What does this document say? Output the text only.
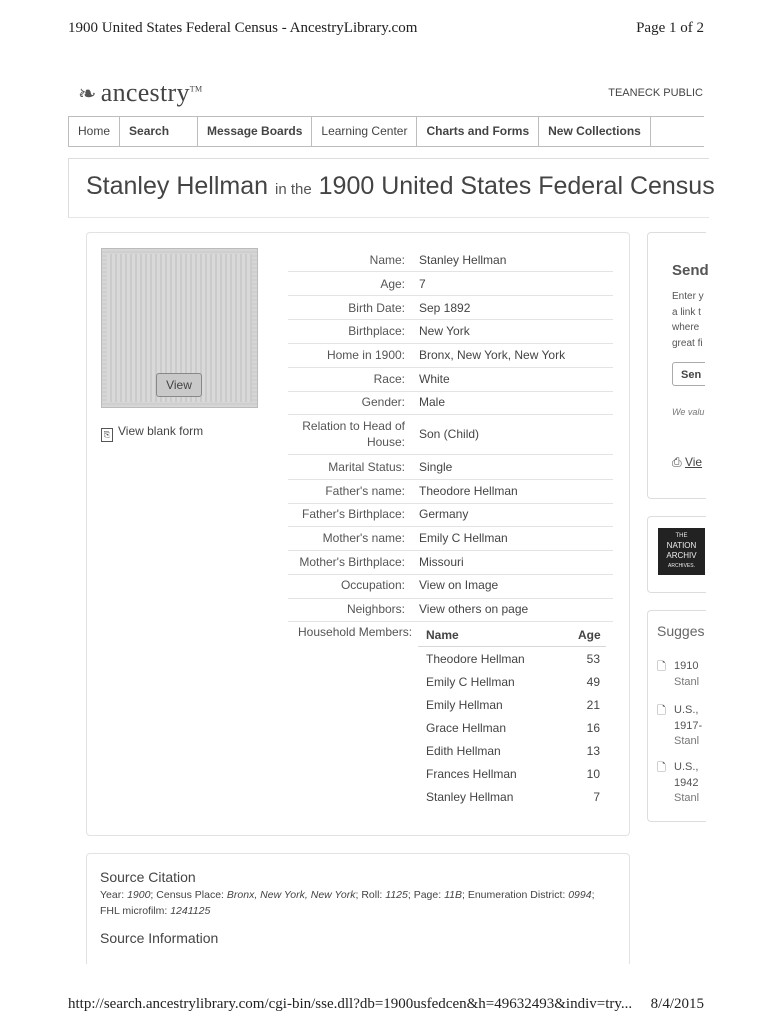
1900 United States Federal Census - AncestryLibrary.com	Page 1 of 2
❧ ancestry™	TEANECK PUBLIC
Home	Search	Message Boards	Learning Center	Charts and Forms	New Collections
Stanley Hellman in the 1900 United States Federal Census
View
⎘ View blank form
Name: Stanley Hellman
Age: 7
Birth Date: Sep 1892
Birthplace: New York
Home in 1900: Bronx, New York, New York
Race: White
Gender: Male
Relation to Head of House:
Son (Child)
Marital Status: Single
Father's name: Theodore Hellman
Father's Birthplace: Germany
Mother's name: Emily C Hellman
Mother's Birthplace: Missouri
Occupation: View on Image
Neighbors: View others on page
Household Members: Name	Age
Theodore Hellman	53
Emily C Hellman	49
Emily Hellman	21
Grace Hellman	16
Edith Hellman	13
Frances Hellman	10
Stanley Hellman	7
Send
Enter y
a link t
where
great fi
Sen
We valu
⎙ Vie
THE
NATION
ARCHIV
ARCHIVES.
Sugges
🗋 1910
Stanl
🗋 U.S.,
1917-
Stanl
🗋 U.S.,
1942
Stanl
Source Citation
Year: 1900; Census Place: Bronx, New York, New York; Roll: 1125; Page: 11B; Enumeration District: 0994;
FHL microfilm: 1241125
Source Information
http://search.ancestrylibrary.com/cgi-bin/sse.dll?db=1900usfedcen&h=49632493&indiv=try... 8/4/2015
